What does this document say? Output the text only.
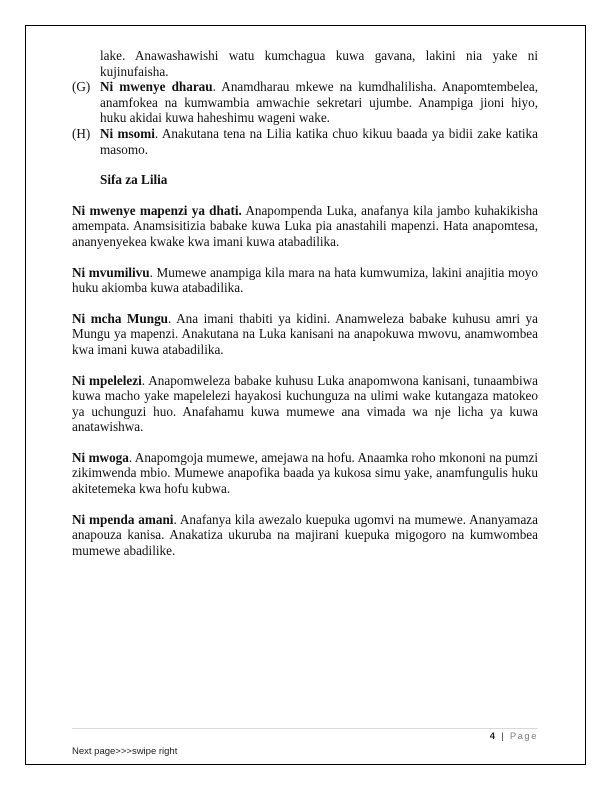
lake. Anawashawishi watu kumchagua kuwa gavana, lakini nia yake ni kujinufaisha.

(G) Ni mwenye dharau. Anamdharau mkewe na kumdhalilisha. Anapomtembelea, anamfokea na kumwambia amwachie sekretari ujumbe. Anampiga jioni hiyo, huku akidai kuwa haheshimu wageni wake.

(H) Ni msomi. Anakutana tena na Lilia katika chuo kikuu baada ya bidii zake katika masomo.

Sifa za Lilia

Ni mwenye mapenzi ya dhati. Anapompenda Luka, anafanya kila jambo kuhakikisha amempata. Anamsisitizia babake kuwa Luka pia anastahili mapenzi. Hata anapomtesa, ananyenyekea kwake kwa imani kuwa atabadilika.

Ni mvumilivu. Mumewe anampiga kila mara na hata kumwumiza, lakini anajitia moyo huku akiomba kuwa atabadilika.

Ni mcha Mungu. Ana imani thabiti ya kidini. Anamweleza babake kuhusu amri ya Mungu ya mapenzi. Anakutana na Luka kanisani na anapokuwa mwovu, anamwombea kwa imani kuwa atabadilika.

Ni mpelelezi. Anapomweleza babake kuhusu Luka anapomwona kanisani, tunaambiwa kuwa macho yake mapelelezi hayakosi kuchunguza na ulimi wake kutangaza matokeo ya uchunguzi huo. Anafahamu kuwa mumewe ana vimada wa nje licha ya kuwa anatawishwa.

Ni mwoga. Anapomgoja mumewe, amejawa na hofu. Anaamka roho mkononi na pumzi zikimwenda mbio. Mumewe anapofika baada ya kukosa simu yake, anamfungulis huku akitetemeka kwa hofu kubwa.

Ni mpenda amani. Anafanya kila awezalo kuepuka ugomvi na mumewe. Ananyamaza anapouza kanisa. Anakatiza ukuruba na majirani kuepuka migogoro na kumwombea mumewe abadilike.

4 | Page
Next page>>>swipe right
